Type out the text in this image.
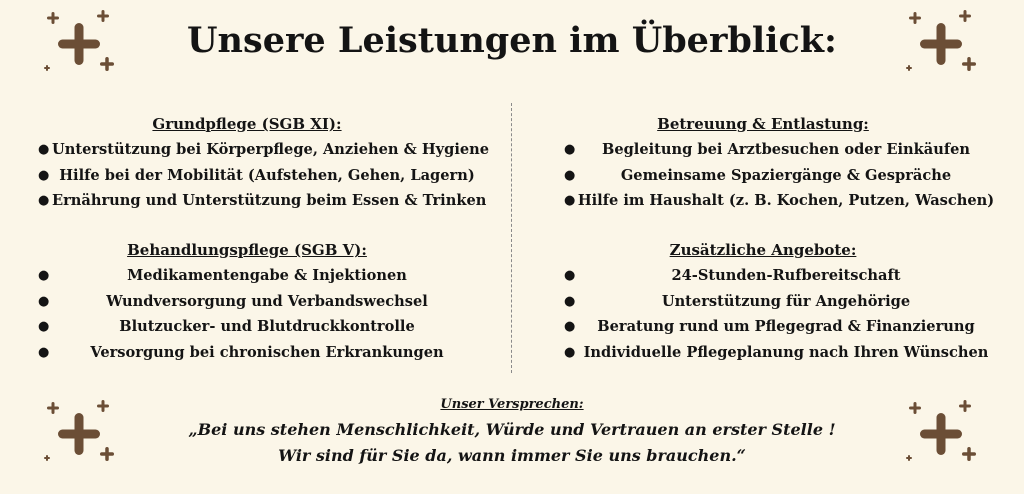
Unsere Leistungen im Überblick:
Grundpflege (SGB XI):
● Unterstützung bei Körperpflege, Anziehen & Hygiene
● Hilfe bei der Mobilität (Aufstehen, Gehen, Lagern)
● Ernährung und Unterstützung beim Essen & Trinken
Behandlungspflege (SGB V):
●	Medikamentengabe & Injektionen
●	Wundversorgung und Verbandswechsel
●	Blutzucker- und Blutdruckkontrolle
●	Versorgung bei chronischen Erkrankungen
Betreuung & Entlastung:
●	Begleitung bei Arztbesuchen oder Einkäufen
●	Gemeinsame Spaziergänge & Gespräche
● Hilfe im Haushalt (z. B. Kochen, Putzen, Waschen)
Zusätzliche Angebote:
●	24-Stunden-Rufbereitschaft
●	Unterstützung für Angehörige
●	Beratung rund um Pflegegrad & Finanzierung
● Individuelle Pflegeplanung nach Ihren Wünschen
Unser Versprechen:
„Bei uns stehen Menschlichkeit, Würde und Vertrauen an erster Stelle !
Wir sind für Sie da, wann immer Sie uns brauchen.“
